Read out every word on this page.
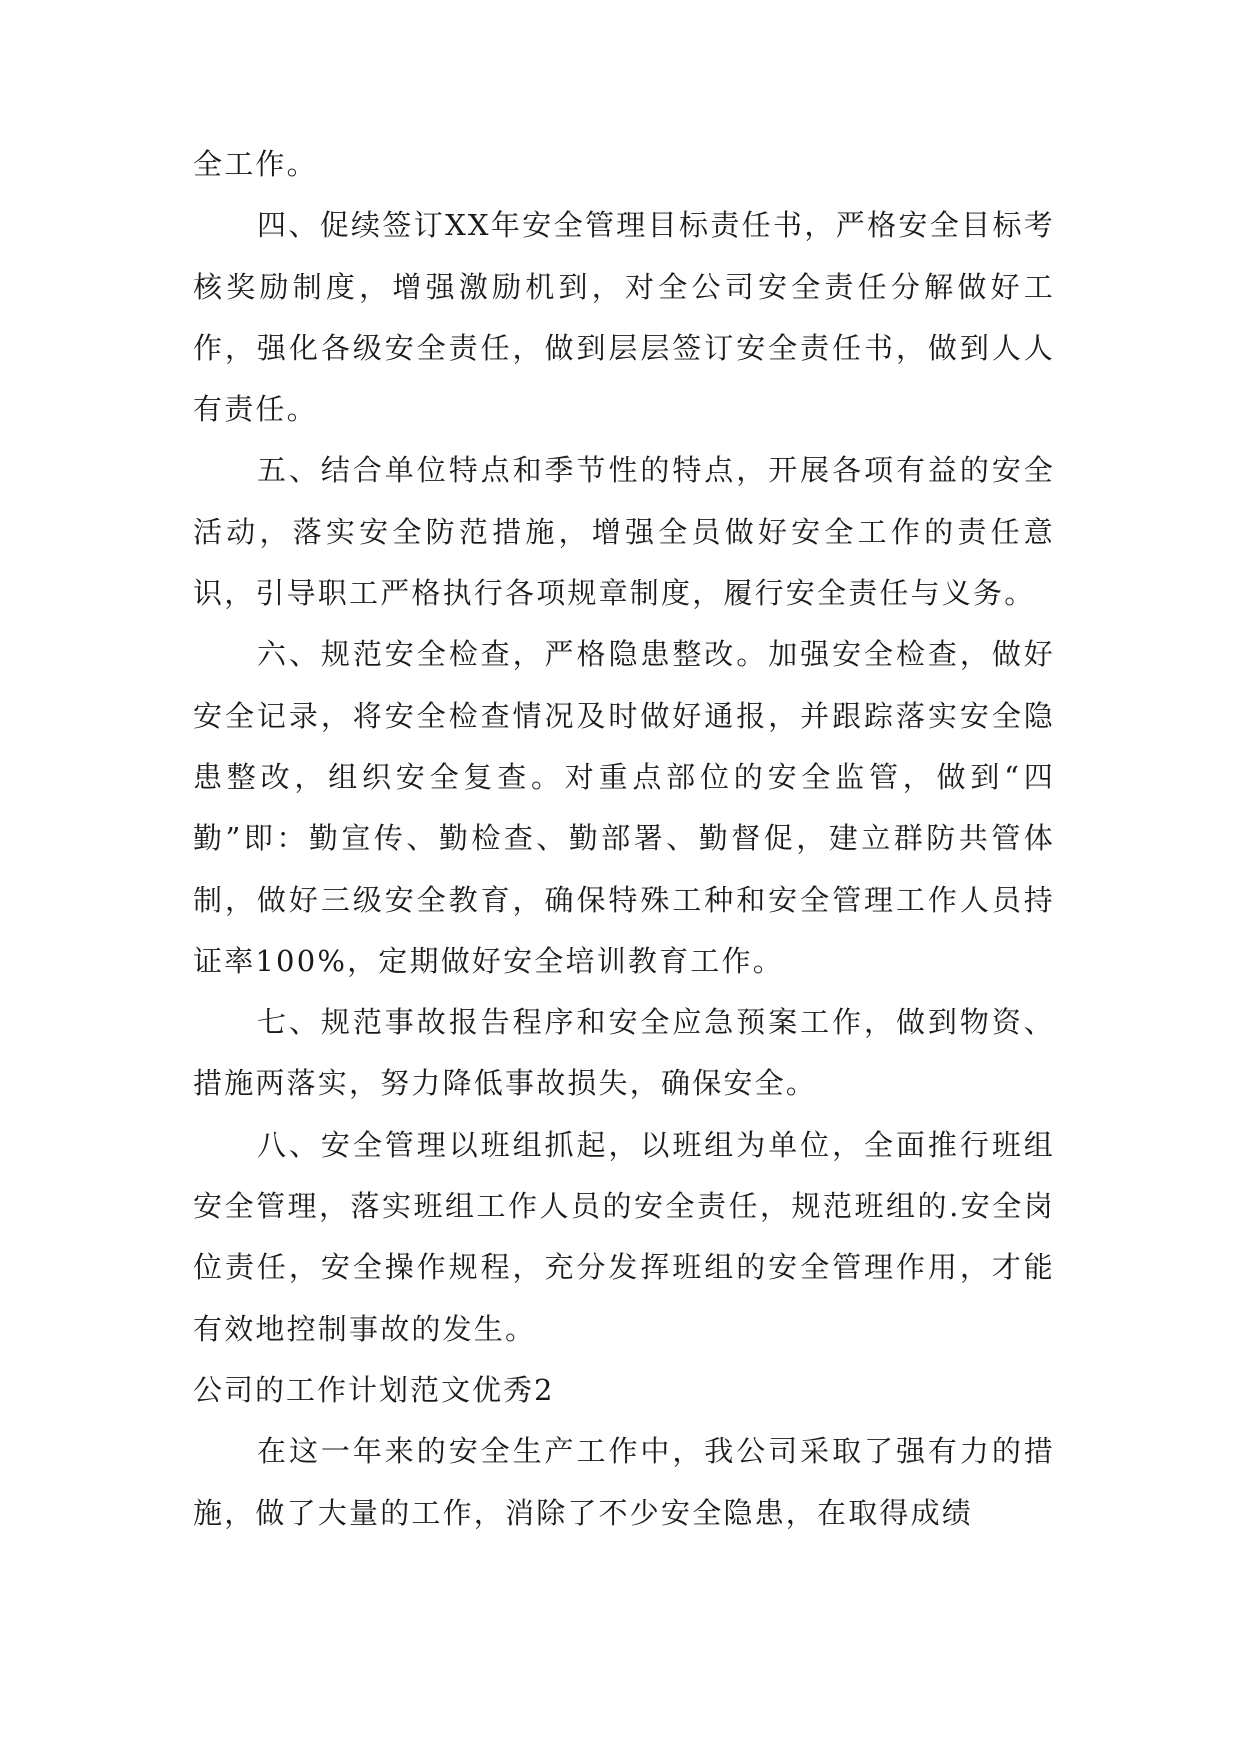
全工作。

四、促续签订XX年安全管理目标责任书，严格安全目标考核奖励制度，增强激励机到，对全公司安全责任分解做好工作，强化各级安全责任，做到层层签订安全责任书，做到人人有责任。

五、结合单位特点和季节性的特点，开展各项有益的安全活动，落实安全防范措施，增强全员做好安全工作的责任意识，引导职工严格执行各项规章制度，履行安全责任与义务。

六、规范安全检查，严格隐患整改。加强安全检查，做好安全记录，将安全检查情况及时做好通报，并跟踪落实安全隐患整改，组织安全复查。对重点部位的安全监管，做到“四勤”即：勤宣传、勤检查、勤部署、勤督促，建立群防共管体制，做好三级安全教育，确保特殊工种和安全管理工作人员持证率100%，定期做好安全培训教育工作。

七、规范事故报告程序和安全应急预案工作，做到物资、措施两落实，努力降低事故损失，确保安全。

八、安全管理以班组抓起，以班组为单位，全面推行班组安全管理，落实班组工作人员的安全责任，规范班组的.安全岗位责任，安全操作规程，充分发挥班组的安全管理作用，才能有效地控制事故的发生。

公司的工作计划范文优秀2

在这一年来的安全生产工作中，我公司采取了强有力的措施，做了大量的工作，消除了不少安全隐患，在取得成绩
